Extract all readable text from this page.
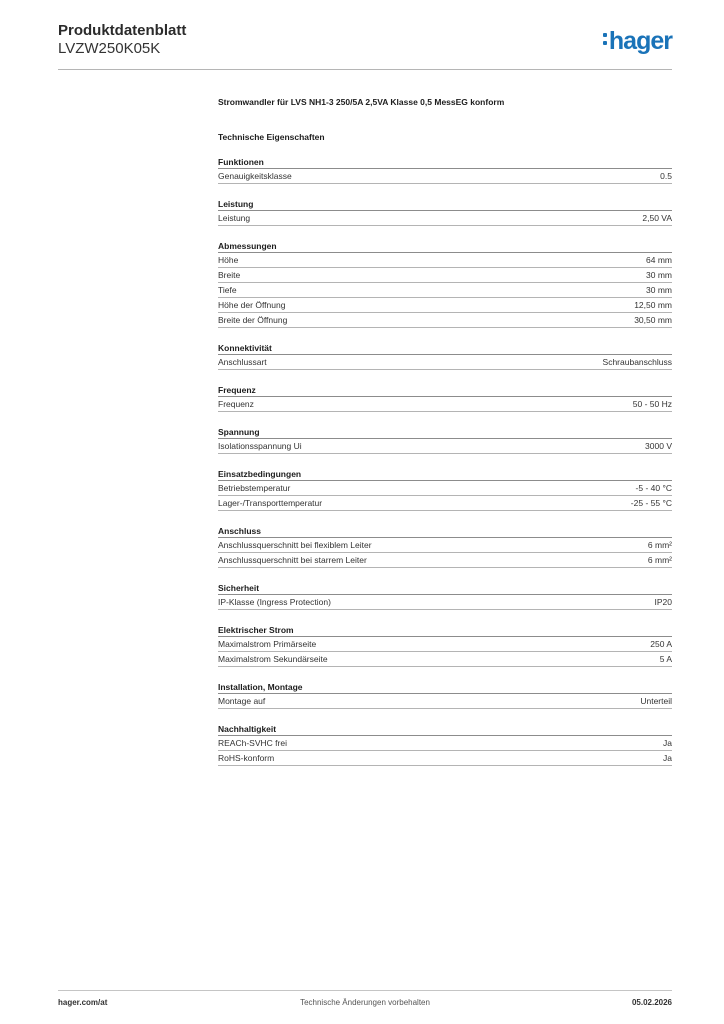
Produktdatenblatt
LVZW250K05K	hager
Stromwandler für LVS NH1-3 250/5A 2,5VA Klasse 0,5 MessEG konform
Technische Eigenschaften
Funktionen
Genauigkeitsklasse	0.5
Leistung
Leistung	2,50 VA
Abmessungen
Höhe	64 mm
Breite	30 mm
Tiefe	30 mm
Höhe der Öffnung	12,50 mm
Breite der Öffnung	30,50 mm
Konnektivität
Anschlussart	Schraubanschluss
Frequenz
Frequenz	50 - 50 Hz
Spannung
Isolationsspannung Ui	3000 V
Einsatzbedingungen
Betriebstemperatur	-5 - 40 °C
Lager-/Transporttemperatur	-25 - 55 °C
Anschluss
Anschlussquerschnitt bei flexiblem Leiter	6 mm²
Anschlussquerschnitt bei starrem Leiter	6 mm²
Sicherheit
IP-Klasse (Ingress Protection)	IP20
Elektrischer Strom
Maximalstrom Primärseite	250 A
Maximalstrom Sekundärseite	5 A
Installation, Montage
Montage auf	Unterteil
Nachhaltigkeit
REACh-SVHC frei	Ja
RoHS-konform	Ja
hager.com/at	Technische Änderungen vorbehalten	05.02.2026
